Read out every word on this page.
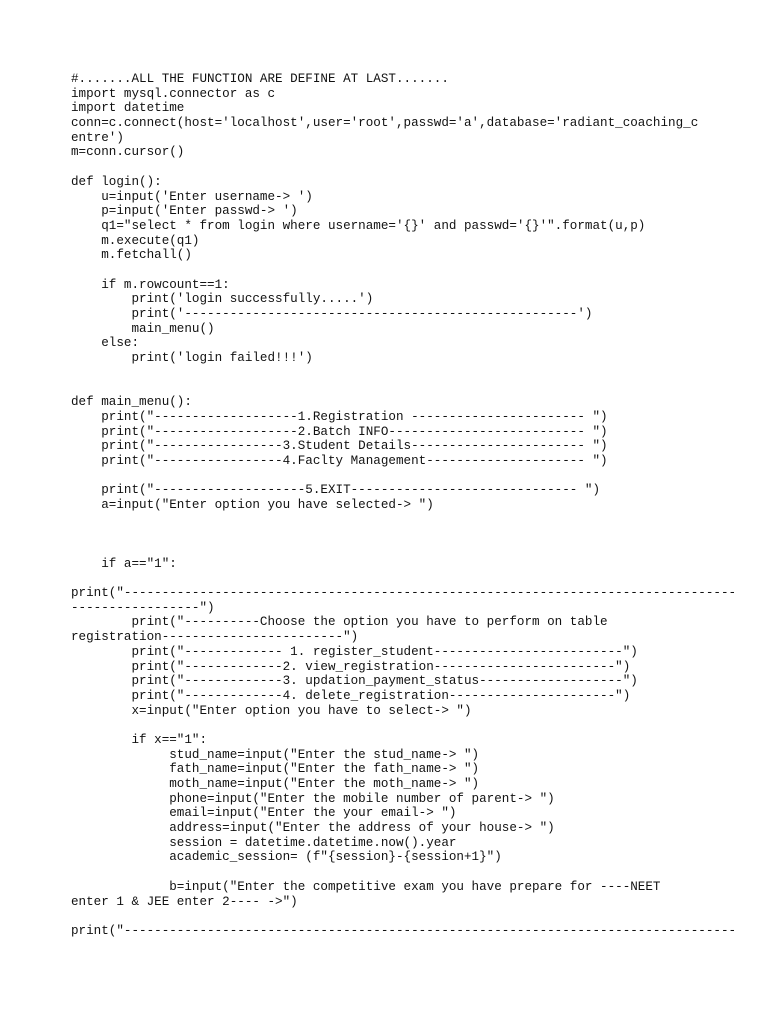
#.......ALL THE FUNCTION ARE DEFINE AT LAST.......
import mysql.connector as c
import datetime
conn=c.connect(host='localhost',user='root',passwd='a',database='radiant_coaching_c
entre')
m=conn.cursor()
def login():
u=input('Enter username-> ')
p=input('Enter passwd-> ')
q1="select * from login where username='{}' and passwd='{}'".format(u,p)
m.execute(q1)
m.fetchall()
if m.rowcount==1:
print('login successfully.....')
print('----------------------------------------------------')
main_menu()
else:
print('login failed!!!')
def main_menu():
print("-------------------1.Registration ----------------------- ")
print("-------------------2.Batch INFO-------------------------- ")
print("-----------------3.Student Details----------------------- ")
print("-----------------4.Faclty Management--------------------- ")
print("--------------------5.EXIT------------------------------ ")
a=input("Enter option you have selected-> ")
if a=="1":
print("---------------------------------------------------------------------------------
-----------------")
print("----------Choose the option you have to perform on table
registration------------------------")
print("------------- 1. register_student-------------------------")
print("-------------2. view_registration------------------------")
print("-------------3. updation_payment_status-------------------")
print("-------------4. delete_registration----------------------")
x=input("Enter option you have to select-> ")
if x=="1":
stud_name=input("Enter the stud_name-> ")
fath_name=input("Enter the fath_name-> ")
moth_name=input("Enter the moth_name-> ")
phone=input("Enter the mobile number of parent-> ")
email=input("Enter the your email-> ")
address=input("Enter the address of your house-> ")
session = datetime.datetime.now().year
academic_session= (f"{session}-{session+1}")
b=input("Enter the competitive exam you have prepare for ----NEET
enter 1 & JEE enter 2---- ->")
print("---------------------------------------------------------------------------------
